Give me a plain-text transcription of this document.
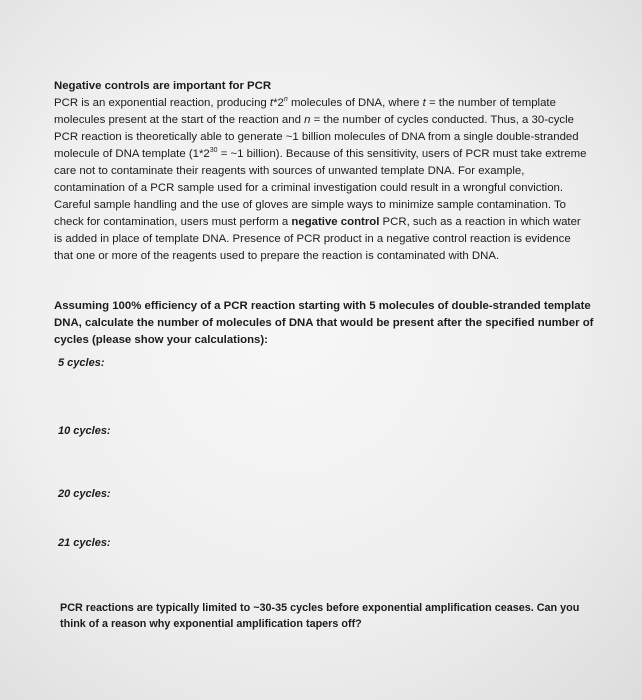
Negative controls are important for PCR
PCR is an exponential reaction, producing t*2$^n$ molecules of DNA, where t = the number of template molecules present at the start of the reaction and n = the number of cycles conducted. Thus, a 30-cycle PCR reaction is theoretically able to generate ~1 billion molecules of DNA from a single double-stranded molecule of DNA template ($1*2^{30}$ = ~1 billion). Because of this sensitivity, users of PCR must take extreme care not to contaminate their reagents with sources of unwanted template DNA. For example, contamination of a PCR sample used for a criminal investigation could result in a wrongful conviction. Careful sample handling and the use of gloves are simple ways to minimize sample contamination. To check for contamination, users must perform a negative control PCR, such as a reaction in which water is added in place of template DNA. Presence of PCR product in a negative control reaction is evidence that one or more of the reagents used to prepare the reaction is contaminated with DNA.
Assuming 100% efficiency of a PCR reaction starting with 5 molecules of double-stranded template DNA, calculate the number of molecules of DNA that would be present after the specified number of cycles (please show your calculations):
5 cycles:
10 cycles:
20 cycles:
21 cycles:
PCR reactions are typically limited to ~30-35 cycles before exponential amplification ceases. Can you think of a reason why exponential amplification tapers off?
